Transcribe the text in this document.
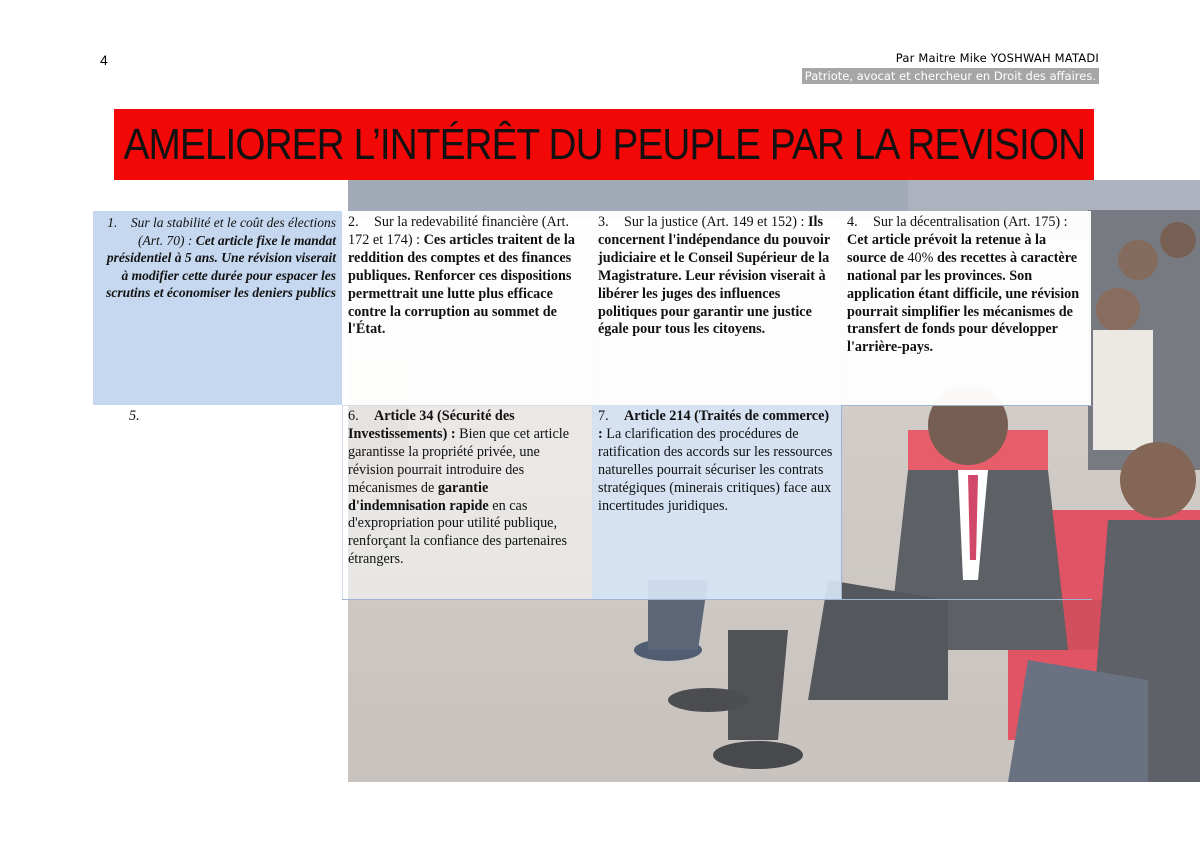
4	Par Maitre Mike YOSHWAH MATADI
Patriote, avocat et chercheur en Droit des affaires.
AMELIORER L’INTÉRÊT DU PEUPLE PAR LA REVISION
1. Sur la stabilité et le coût des élections (Art. 70) : Cet article fixe le mandat présidentiel à 5 ans. Une révision viserait à modifier cette durée pour espacer les scrutins et économiser les deniers publics
2. Sur la redevabilité financière (Art. 172 et 174) : Ces articles traitent de la reddition des comptes et des finances publiques. Renforcer ces dispositions permettrait une lutte plus efficace contre la corruption au sommet de l'État.
3. Sur la justice (Art. 149 et 152) : Ils concernent l'indépendance du pouvoir judiciaire et le Conseil Supérieur de la Magistrature. Leur révision viserait à libérer les juges des influences politiques pour garantir une justice égale pour tous les citoyens.
4. Sur la décentralisation (Art. 175) : Cet article prévoit la retenue à la source de 40% des recettes à caractère national par les provinces. Son application étant difficile, une révision pourrait simplifier les mécanismes de transfert de fonds pour développer l'arrière-pays.
5.	6. Article 34 (Sécurité des Investissements) : Bien que cet article garantisse la propriété privée, une révision pourrait introduire des mécanismes de garantie d'indemnisation rapide en cas d'expropriation pour utilité publique, renforçant la confiance des partenaires étrangers.
7. Article 214 (Traités de commerce) : La clarification des procédures de ratification des accords sur les ressources naturelles pourrait sécuriser les contrats stratégiques (minerais critiques) face aux incertitudes juridiques.
